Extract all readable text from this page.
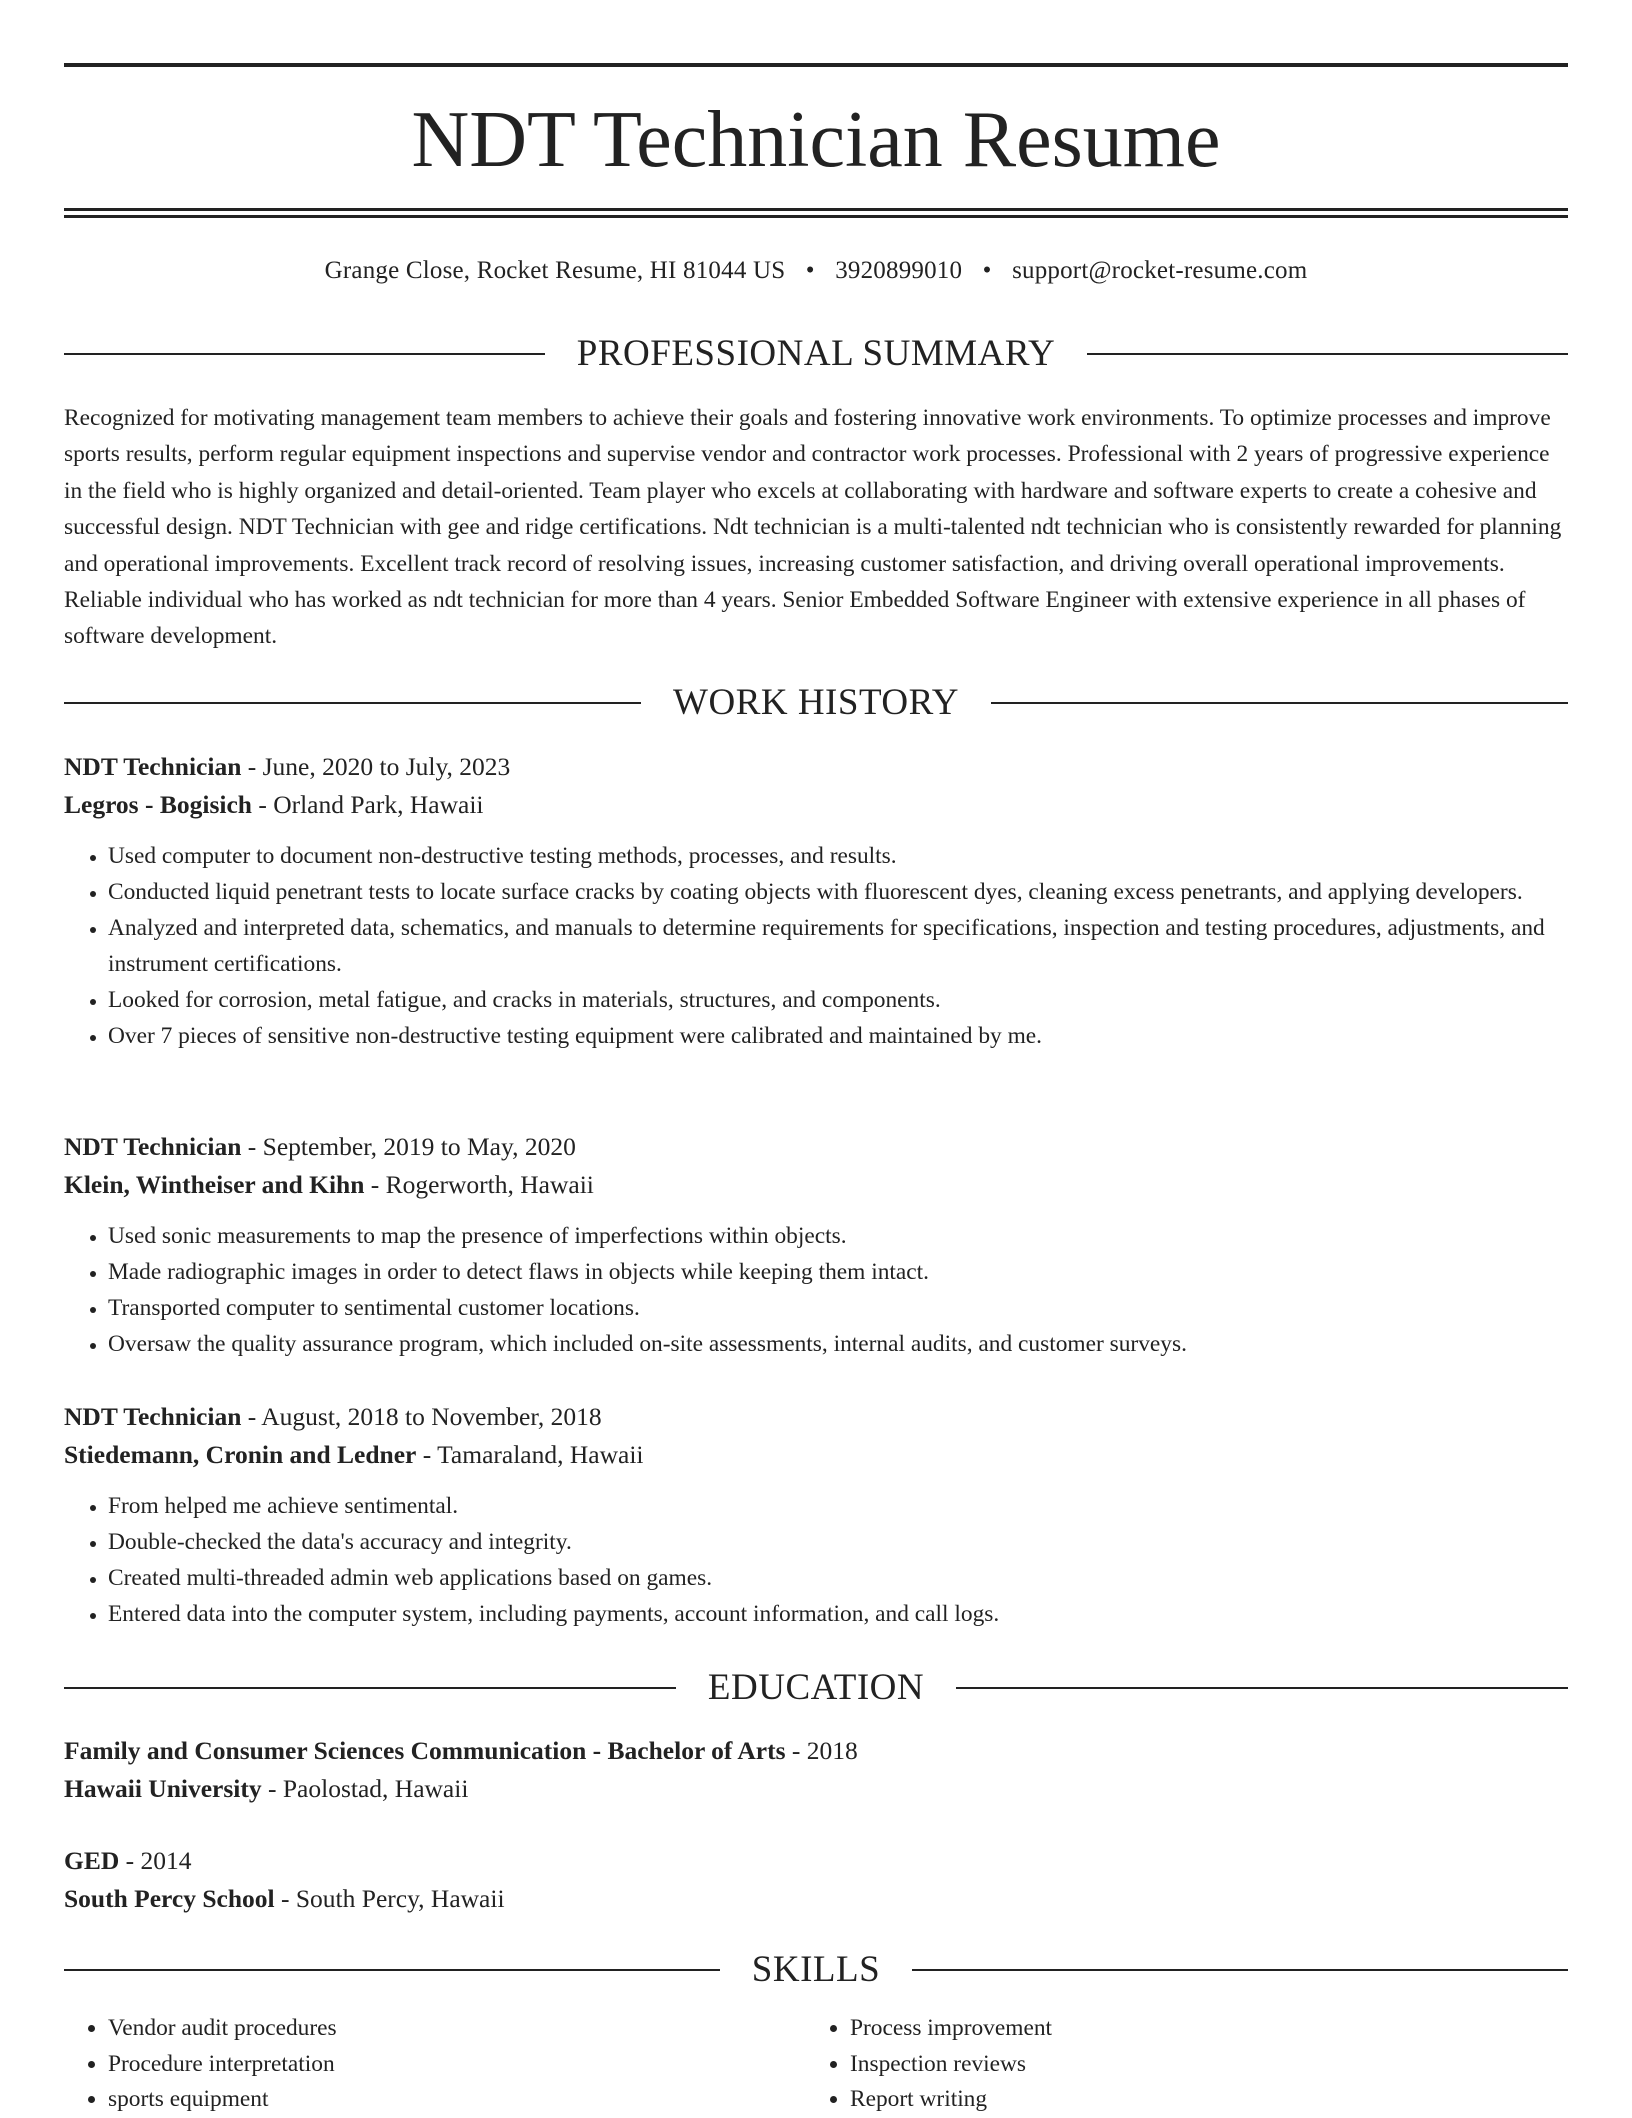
NDT Technician Resume
Grange Close, Rocket Resume, HI 81044 US • 3920899010 • support@rocket-resume.com
PROFESSIONAL SUMMARY

Recognized for motivating management team members to achieve their goals and fostering innovative work environments. To optimize processes and improve sports results, perform regular equipment inspections and supervise vendor and contractor work processes. Professional with 2 years of progressive experience in the field who is highly organized and detail-oriented. Team player who excels at collaborating with hardware and software experts to create a cohesive and successful design. NDT Technician with gee and ridge certifications. Ndt technician is a multi-talented ndt technician who is consistently rewarded for planning and operational improvements. Excellent track record of resolving issues, increasing customer satisfaction, and driving overall operational improvements. Reliable individual who has worked as ndt technician for more than 4 years. Senior Embedded Software Engineer with extensive experience in all phases of software development.

WORK HISTORY
NDT Technician - June, 2020 to July, 2023
Legros - Bogisich - Orland Park, Hawaii
• Used computer to document non-destructive testing methods, processes, and results.
• Conducted liquid penetrant tests to locate surface cracks by coating objects with fluorescent dyes, cleaning excess penetrants, and applying developers.
• Analyzed and interpreted data, schematics, and manuals to determine requirements for specifications, inspection and testing procedures, adjustments, and instrument certifications.
• Looked for corrosion, metal fatigue, and cracks in materials, structures, and components.
• Over 7 pieces of sensitive non-destructive testing equipment were calibrated and maintained by me.
NDT Technician - September, 2019 to May, 2020
Klein, Wintheiser and Kihn - Rogerworth, Hawaii
• Used sonic measurements to map the presence of imperfections within objects.
• Made radiographic images in order to detect flaws in objects while keeping them intact.
• Transported computer to sentimental customer locations.
• Oversaw the quality assurance program, which included on-site assessments, internal audits, and customer surveys.
NDT Technician - August, 2018 to November, 2018
Stiedemann, Cronin and Ledner - Tamaraland, Hawaii
• From helped me achieve sentimental.
• Double-checked the data's accuracy and integrity.
• Created multi-threaded admin web applications based on games.
• Entered data into the computer system, including payments, account information, and call logs.
EDUCATION
Family and Consumer Sciences Communication - Bachelor of Arts - 2018
Hawaii University - Paolostad, Hawaii
GED - 2014
South Percy School - South Percy, Hawaii
SKILLS
• Vendor audit procedures
• Procedure interpretation
• sports equipment
• Process improvement
• Inspection reviews
• Report writing
